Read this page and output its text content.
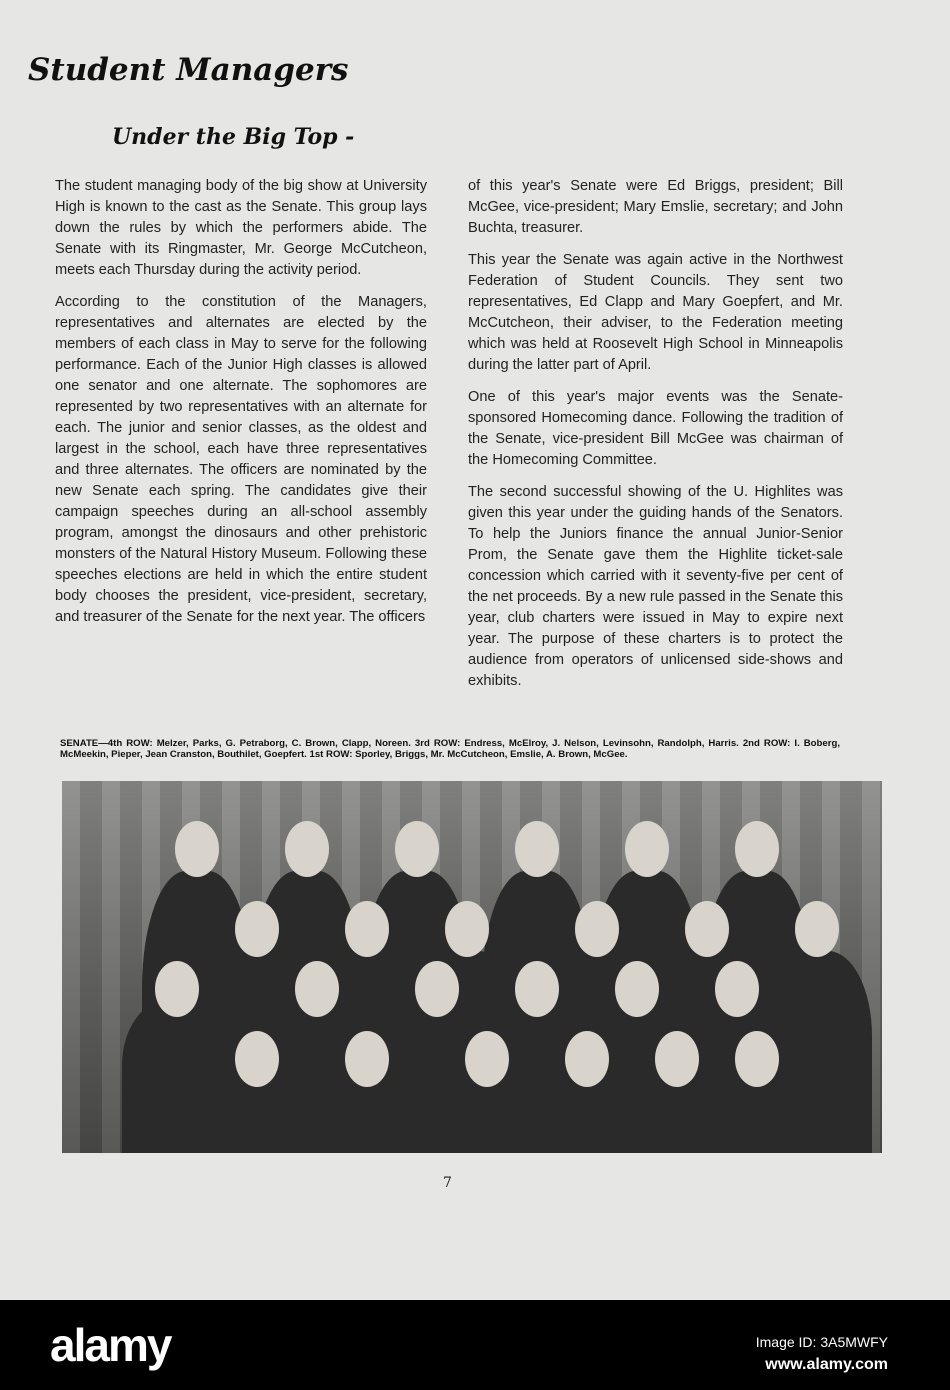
Student Managers
Under the Big Top -

The student managing body of the big show at University High is known to the cast as the Senate. This group lays down the rules by which the performers abide. The Senate with its Ringmaster, Mr. George McCutcheon, meets each Thursday during the activity period.

According to the constitution of the Managers, representatives and alternates are elected by the members of each class in May to serve for the following performance. Each of the Junior High classes is allowed one senator and one alternate. The sophomores are represented by two representatives with an alternate for each. The junior and senior classes, as the oldest and largest in the school, each have three representatives and three alternates. The officers are nominated by the new Senate each spring. The candidates give their campaign speeches during an all-school assembly program, amongst the dinosaurs and other prehistoric monsters of the Natural History Museum. Following these speeches elections are held in which the entire student body chooses the president, vice-president, secretary, and treasurer of the Senate for the next year. The officers

of this year's Senate were Ed Briggs, president; Bill McGee, vice-president; Mary Emslie, secretary; and John Buchta, treasurer.

This year the Senate was again active in the Northwest Federation of Student Councils. They sent two representatives, Ed Clapp and Mary Goepfert, and Mr. McCutcheon, their adviser, to the Federation meeting which was held at Roosevelt High School in Minneapolis during the latter part of April.

One of this year's major events was the Senate-sponsored Homecoming dance. Following the tradition of the Senate, vice-president Bill McGee was chairman of the Homecoming Committee.

The second successful showing of the U. Highlites was given this year under the guiding hands of the Senators. To help the Juniors finance the annual Junior-Senior Prom, the Senate gave them the Highlite ticket-sale concession which carried with it seventy-five per cent of the net proceeds. By a new rule passed in the Senate this year, club charters were issued in May to expire next year. The purpose of these charters is to protect the audience from operators of unlicensed side-shows and exhibits.

SENATE—4th ROW: Melzer, Parks, G. Petraborg, C. Brown, Clapp, Noreen. 3rd ROW: Endress, McElroy, J. Nelson, Levinsohn, Randolph, Harris. 2nd ROW: I. Boberg, McMeekin, Pieper, Jean Cranston, Bouthilet, Goepfert. 1st ROW: Sporley, Briggs, Mr. McCutcheon, Emslie, A. Brown, McGee.
7
alamy	Image ID: 3A5MWFY
www.alamy.com
